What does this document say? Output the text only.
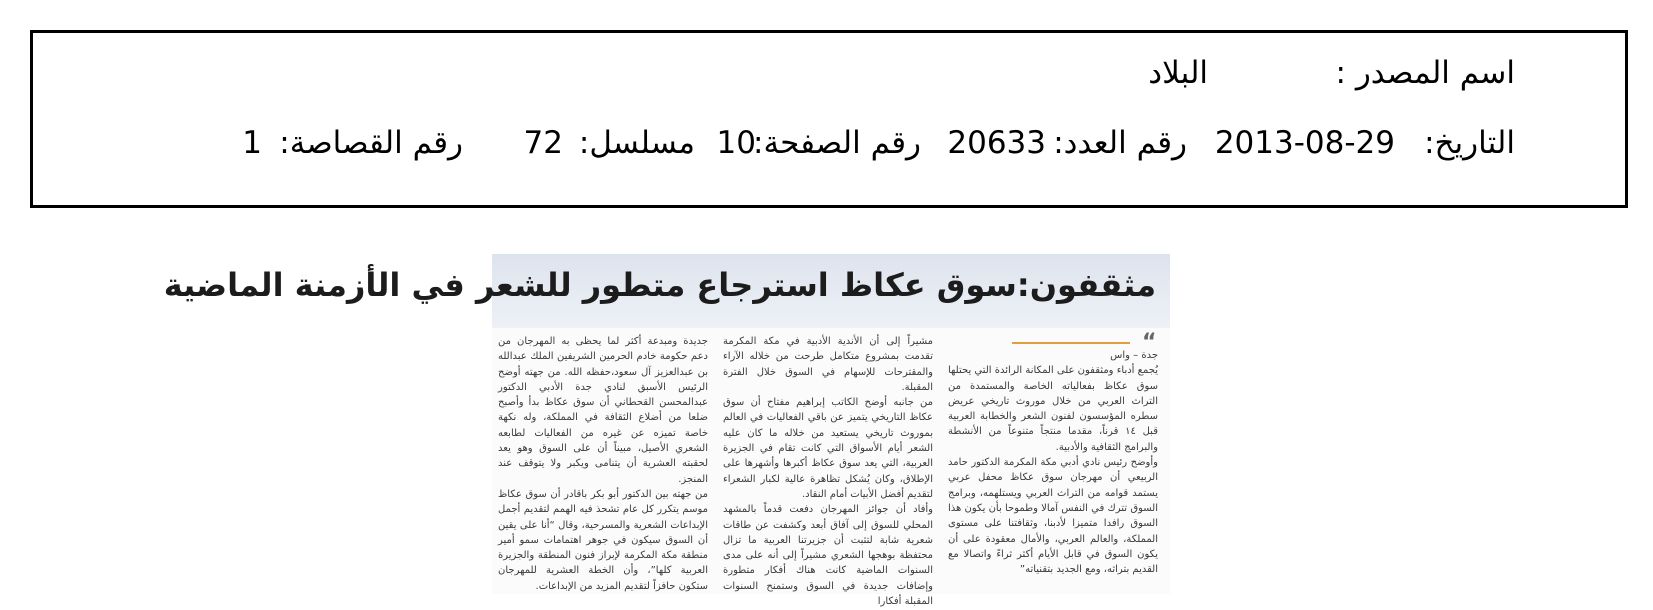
اسم المصدر :
البلاد
التاريخ:
2013-08-29
رقم العدد:
20633
رقم الصفحة:
10
مسلسل:
72
رقم القصاصة:
1
مثقفون:سوق عكاظ استرجاع متطور للشعر في الأزمنة الماضية
“

جدة – واس

يُجمع أدباء ومثقفون على المكانة الرائدة التي يحتلها سوق عكاظ بفعالياته الخاصة والمستمدة من التراث العربي من خلال موروث تاريخي عريض سطره المؤسسون لفنون الشعر والخطابة العربية قبل ١٤ قرناً، مقدما منتجاً متنوعاً من الأنشطة والبرامج الثقافية والأدبية.

وأوضح رئيس نادي أدبي مكة المكرمة الدكتور حامد الربيعي أن مهرجان سوق عكاظ محفل عربي يستمد قوامه من التراث العربي ويستلهمه، وبرامج السوق تترك في النفس آمالا وطموحا بأن يكون هذا السوق رافدا متميزا لأدبنا، وثقافتنا على مستوى المملكة، والعالم العربي، والأمال معقودة على أن يكون السوق في قابل الأيام أكثر ثراءً واتصالا مع القديم بتراثه، ومع الجديد بتقنياته”

مشيراً إلى أن الأندية الأدبية في مكة المكرمة تقدمت بمشروع متكامل طرحت من خلاله الآراء والمقترحات للإسهام في السوق خلال الفترة المقبلة.

من جانبه أوضح الكاتب إبراهيم مفتاح أن سوق عكاظ التاريخي يتميز عن باقي الفعاليات في العالم بموروث تاريخي يستعيد من خلاله ما كان عليه الشعر أيام الأسواق التي كانت تقام في الجزيرة العربية، التي يعد سوق عكاظ أكبرها وأشهرها على الإطلاق، وكان يُشكل تظاهرة عالية لكبار الشعراء لتقديم أفضل الأبيات أمام النقاد.

وأفاد أن جوائز المهرجان دفعت قدماً بالمشهد المحلي للسوق إلى آفاق أبعد وكشفت عن طاقات شعرية شابة لتثبت أن جزيرتنا العربية ما تزال محتفظة بوهجها الشعري مشيراً إلى أنه على مدى السنوات الماضية كانت هناك أفكار متطورة وإضافات جديدة في السوق وستمنح السنوات المقبلة أفكارا

جديدة ومبدعة أكثر لما يحظى به المهرجان من دعم حكومة خادم الحرمين الشريفين الملك عبدالله بن عبدالعزيز آل سعود،حفظه الله. من جهته أوضح الرئيس الأسبق لنادي جدة الأدبي الدكتور عبدالمحسن القحطاني أن سوق عكاظ بدأ وأصبح ضلعا من أضلاع الثقافة في المملكة، وله نكهة خاصة تميزه عن غيره من الفعاليات لطابعه الشعري الأصيل، مبيناً أن على السوق وهو يعد لحقبته العشرية أن يتنامى ويكبر ولا يتوقف عند المنجز.

من جهته بين الدكتور أبو بكر باقادر أن سوق عكاظ موسم يتكرر كل عام تشحذ فيه الهمم لتقديم أجمل الإبداعات الشعرية والمسرحية، وقال “أنا على يقين أن السوق سيكون في جوهر اهتمامات سمو أمير منطقة مكة المكرمة لإبراز فنون المنطقة والجزيرة العربية كلها”، وأن الخطة العشرية للمهرجان ستكون حافزاً لتقديم المزيد من الإبداعات.
